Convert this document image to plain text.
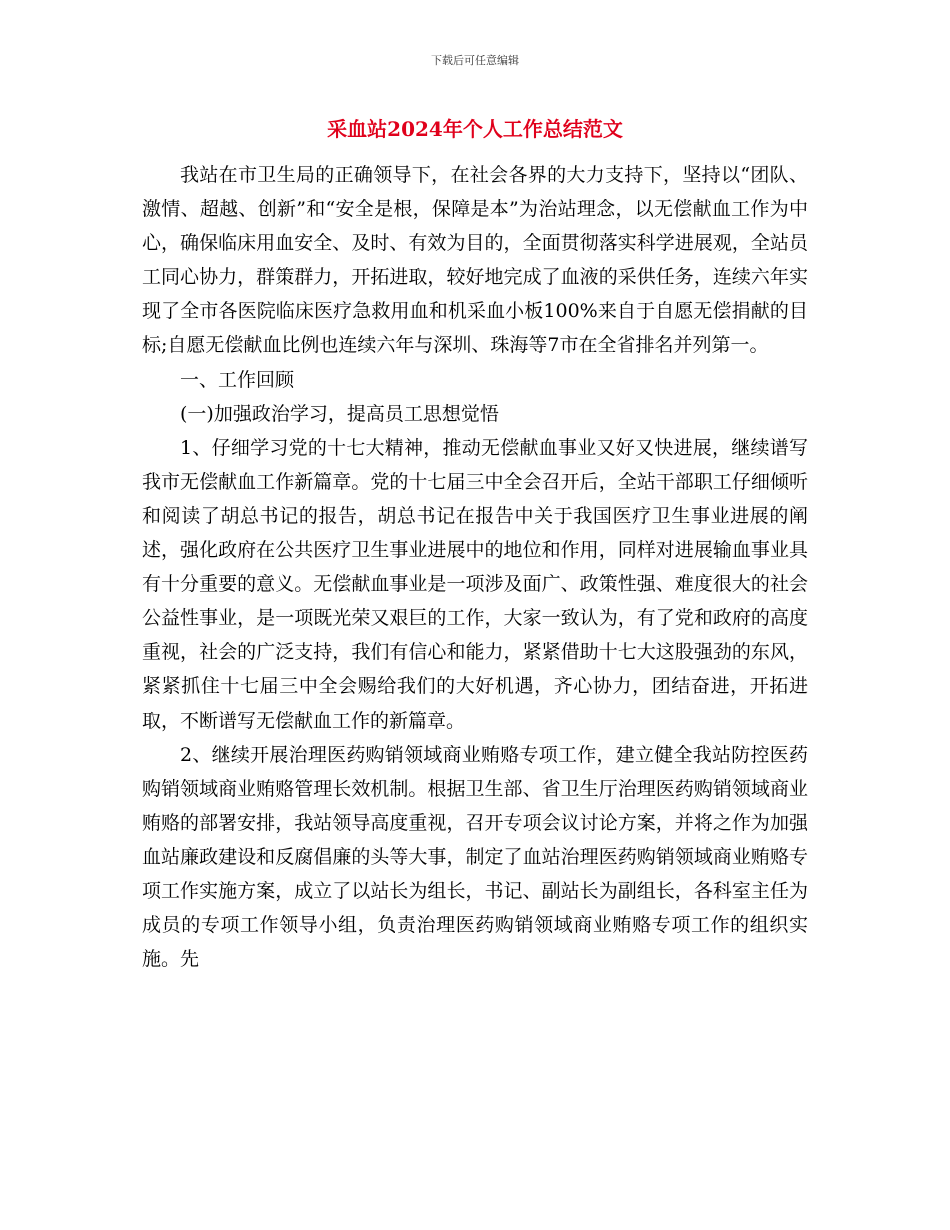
下载后可任意编辑
采血站2024年个人工作总结范文

我站在市卫生局的正确领导下，在社会各界的大力支持下，坚持以“团队、激情、超越、创新”和“安全是根，保障是本”为治站理念，以无偿献血工作为中心，确保临床用血安全、及时、有效为目的，全面贯彻落实科学进展观，全站员工同心协力，群策群力，开拓进取，较好地完成了血液的采供任务，连续六年实现了全市各医院临床医疗急救用血和机采血小板100%来自于自愿无偿捐献的目标;自愿无偿献血比例也连续六年与深圳、珠海等7市在全省排名并列第一。

一、工作回顾

(一)加强政治学习，提高员工思想觉悟

1、仔细学习党的十七大精神，推动无偿献血事业又好又快进展，继续谱写我市无偿献血工作新篇章。党的十七届三中全会召开后，全站干部职工仔细倾听和阅读了胡总书记的报告，胡总书记在报告中关于我国医疗卫生事业进展的阐述，强化政府在公共医疗卫生事业进展中的地位和作用，同样对进展输血事业具有十分重要的意义。无偿献血事业是一项涉及面广、政策性强、难度很大的社会公益性事业，是一项既光荣又艰巨的工作，大家一致认为，有了党和政府的高度重视，社会的广泛支持，我们有信心和能力，紧紧借助十七大这股强劲的东风，紧紧抓住十七届三中全会赐给我们的大好机遇，齐心协力，团结奋进，开拓进取，不断谱写无偿献血工作的新篇章。

2、继续开展治理医药购销领域商业贿赂专项工作，建立健全我站防控医药购销领域商业贿赂管理长效机制。根据卫生部、省卫生厅治理医药购销领域商业贿赂的部署安排，我站领导高度重视，召开专项会议讨论方案，并将之作为加强血站廉政建设和反腐倡廉的头等大事，制定了血站治理医药购销领域商业贿赂专项工作实施方案，成立了以站长为组长，书记、副站长为副组长，各科室主任为成员的专项工作领导小组，负责治理医药购销领域商业贿赂专项工作的组织实施。先
